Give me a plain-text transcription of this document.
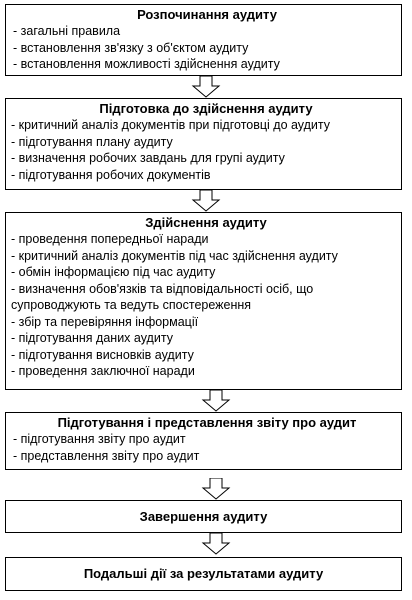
Розпочинання аудиту
- загальні правила
- встановлення зв'язку з об'єктом аудиту
- встановлення можливості здійснення аудиту
Підготовка до здійснення аудиту
- критичний аналіз документів при підготовці до аудиту
- підготування плану аудиту
- визначення робочих завдань для групі аудиту
- підготування робочих документів
Здійснення аудиту
- проведення попередньої наради
- критичний аналіз документів під час здійснення аудиту
- обмін інформацією під час аудиту
- визначення обов'язків та відповідальності осіб, що супроводжують та ведуть спостереження
- збір та перевіряння інформації
- підготування даних аудиту
- підготування висновків аудиту
- проведення заключної наради
Підготування і представлення звіту про аудит
- підготування звіту про аудит
- представлення звіту про аудит
Завершення аудиту
Подальші дії за результатами аудиту
